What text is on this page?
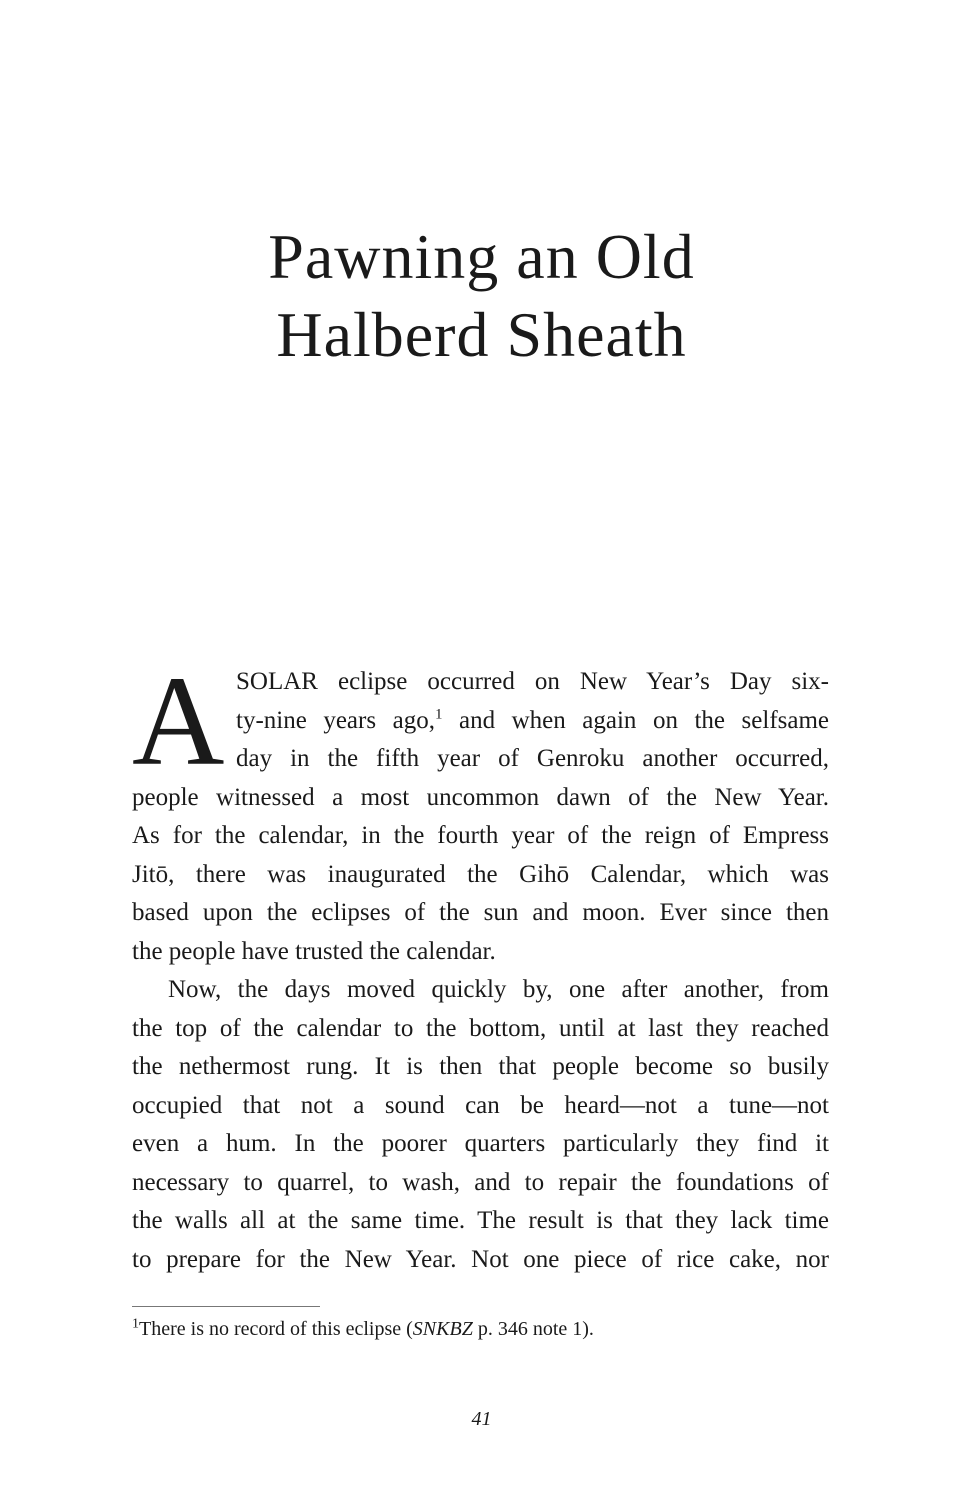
Pawning an Old
Halberd Sheath
A SOLAR eclipse occurred on New Year’s Day six-
ty-nine years ago,$^1$ and when again on the selfsame
day in the fifth year of Genroku another occurred,
people witnessed a most uncommon dawn of the New Year.
As for the calendar, in the fourth year of the reign of Empress
Jitō, there was inaugurated the Gihō Calendar, which was
based upon the eclipses of the sun and moon. Ever since then
the people have trusted the calendar.
Now, the days moved quickly by, one after another, from
the top of the calendar to the bottom, until at last they reached
the nethermost rung. It is then that people become so busily
occupied that not a sound can be heard—not a tune—not
even a hum. In the poorer quarters particularly they find it
necessary to quarrel, to wash, and to repair the foundations of
the walls all at the same time. The result is that they lack time
to prepare for the New Year. Not one piece of rice cake, nor
$^1$There is no record of this eclipse (SNKBZ p. 346 note 1).
41
